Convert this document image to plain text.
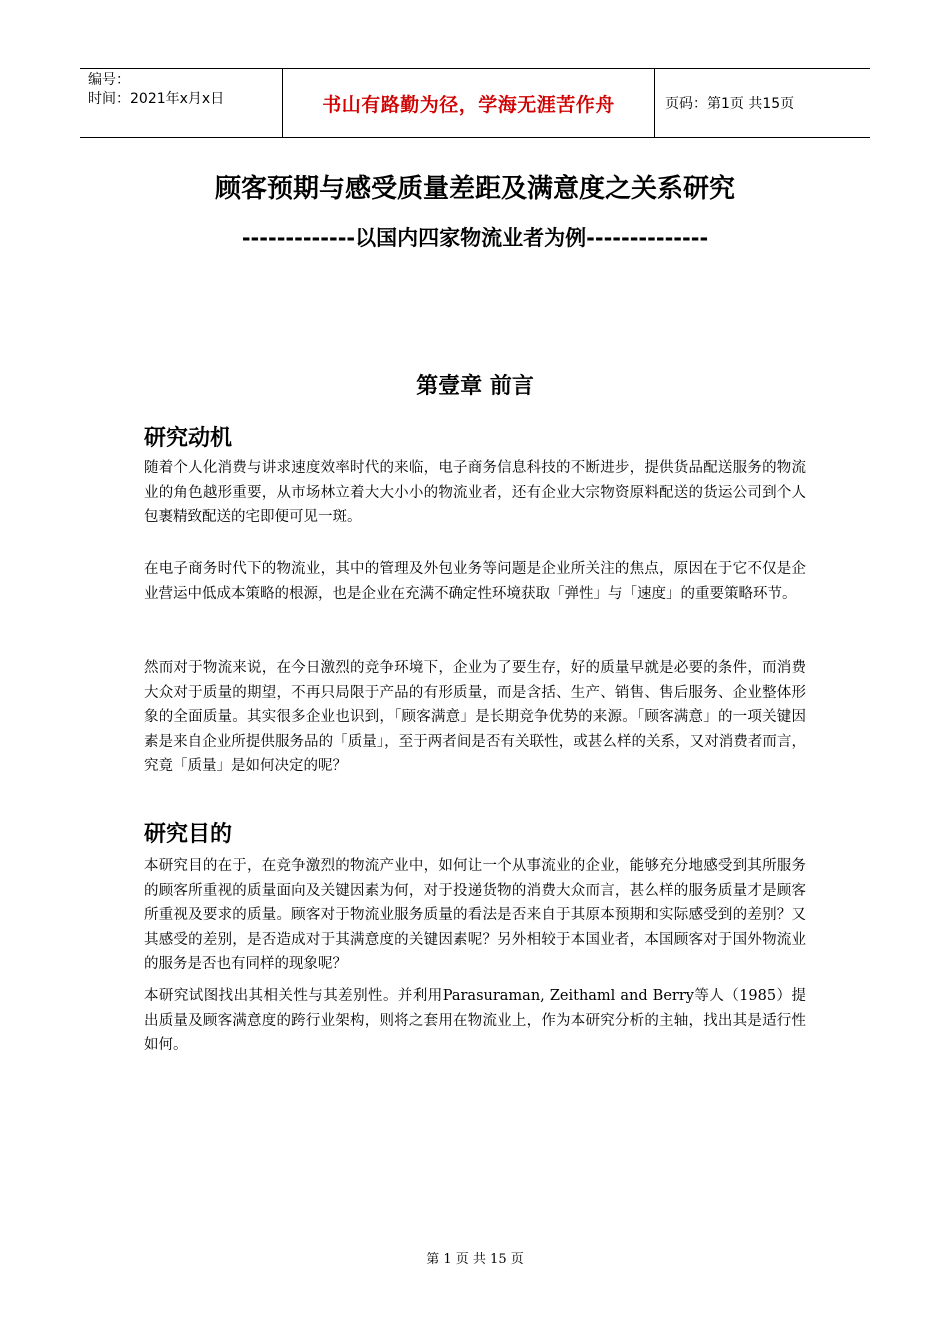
编号：
时间：2021年x月x日	书山有路勤为径，学海无涯苦作舟	页码：第1页 共15页
顾客预期与感受质量差距及满意度之关系研究
-------------以国内四家物流业者为例--------------
第壹章 前言
研究动机

随着个人化消费与讲求速度效率时代的来临，电子商务信息科技的不断进步，提供货品配送服务的物流业的角色越形重要，从市场林立着大大小小的物流业者，还有企业大宗物资原料配送的货运公司到个人包裹精致配送的宅即便可见一斑。

在电子商务时代下的物流业，其中的管理及外包业务等问题是企业所关注的焦点，原因在于它不仅是企业营运中低成本策略的根源，也是企业在充满不确定性环境获取「弹性」与「速度」的重要策略环节。

然而对于物流来说，在今日激烈的竞争环境下，企业为了要生存，好的质量早就是必要的条件，而消费大众对于质量的期望，不再只局限于产品的有形质量，而是含括、生产、销售、售后服务、企业整体形象的全面质量。其实很多企业也识到，「顾客满意」是长期竞争优势的来源。「顾客满意」的一项关键因素是来自企业所提供服务品的「质量」，至于两者间是否有关联性，或甚么样的关系，又对消费者而言，究竟「质量」是如何决定的呢？

研究目的

本研究目的在于，在竞争激烈的物流产业中，如何让一个从事流业的企业，能够充分地感受到其所服务的顾客所重视的质量面向及关键因素为何，对于投递货物的消费大众而言，甚么样的服务质量才是顾客所重视及要求的质量。顾客对于物流业服务质量的看法是否来自于其原本预期和实际感受到的差别？又其感受的差别，是否造成对于其满意度的关键因素呢？另外相较于本国业者，本国顾客对于国外物流业的服务是否也有同样的现象呢？

本研究试图找出其相关性与其差别性。并利用Parasuraman, Zeithaml and Berry等人（1985）提出质量及顾客满意度的跨行业架构，则将之套用在物流业上，作为本研究分析的主轴，找出其是适行性如何。

第 1 页 共 15 页
